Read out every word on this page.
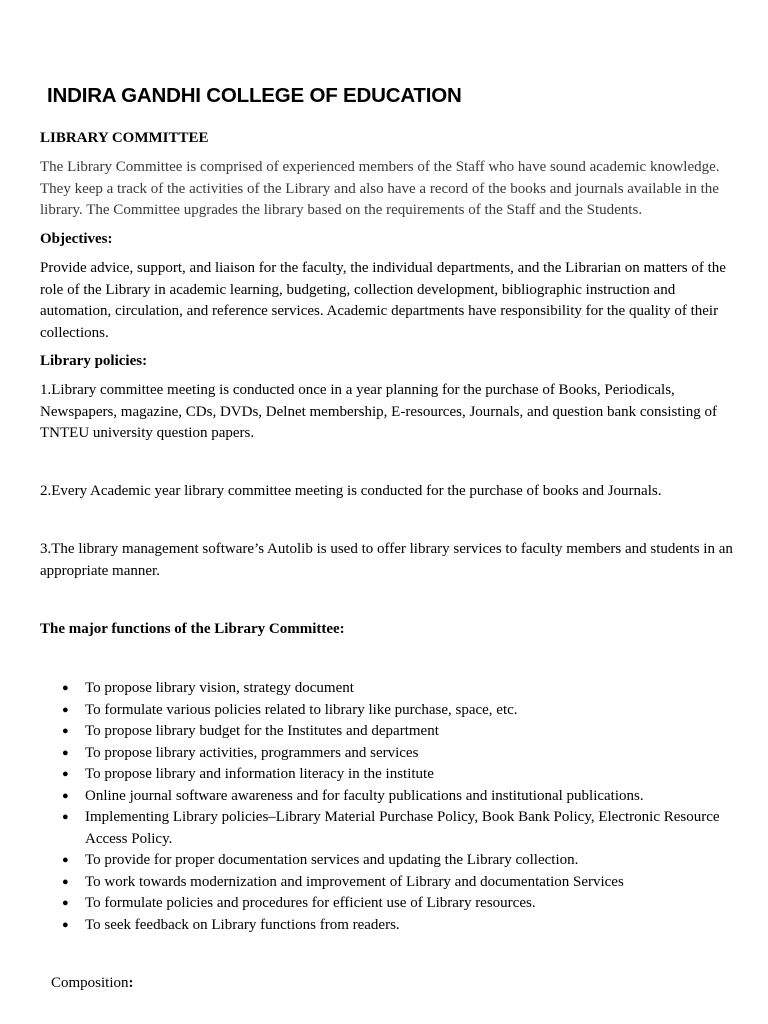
INDIRA GANDHI COLLEGE OF EDUCATION

LIBRARY COMMITTEE

The Library Committee is comprised of experienced members of the Staff who have sound academic knowledge. They keep a track of the activities of the Library and also have a record of the books and journals available in the library. The Committee upgrades the library based on the requirements of the Staff and the Students.

Objectives:

Provide advice, support, and liaison for the faculty, the individual departments, and the Librarian on matters of the role of the Library in academic learning, budgeting, collection development, bibliographic instruction and automation, circulation, and reference services. Academic departments have responsibility for the quality of their collections.

Library policies:

1.Library committee meeting is conducted once in a year planning for the purchase of Books, Periodicals, Newspapers, magazine, CDs, DVDs, Delnet membership, E-resources, Journals, and question bank consisting of TNTEU university question papers.

2.Every Academic year library committee meeting is conducted for the purchase of books and Journals.

3.The library management software’s Autolib is used to offer library services to faculty members and students in an appropriate manner.

The major functions of the Library Committee:

● To propose library vision, strategy document
● To formulate various policies related to library like purchase, space, etc.
● To propose library budget for the Institutes and department
● To propose library activities, programmers and services
● To propose library and information literacy in the institute
● Online journal software awareness and for faculty publications and institutional publications.
● Implementing Library policies–Library Material Purchase Policy, Book Bank Policy, Electronic Resource Access Policy.
● To provide for proper documentation services and updating the Library collection.
● To work towards modernization and improvement of Library and documentation Services
● To formulate policies and procedures for efficient use of Library resources.
● To seek feedback on Library functions from readers.
Composition:
